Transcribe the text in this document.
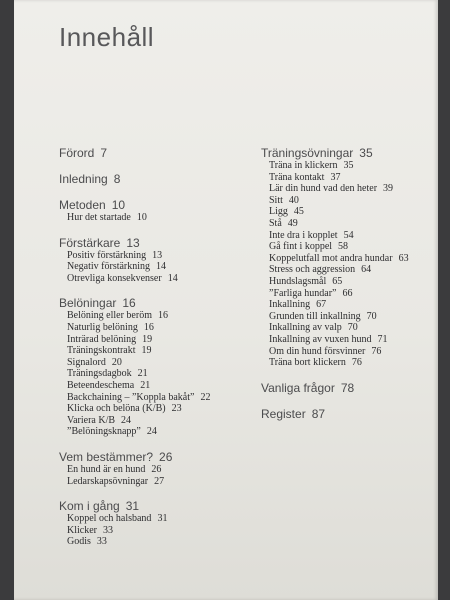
Innehåll
Förord 7
Inledning 8
Metoden 10
Hur det startade 10
Förstärkare 13
Positiv förstärkning 13
Negativ förstärkning 14
Otrevliga konsekvenser 14
Belöningar 16
Belöning eller beröm 16
Naturlig belöning 16
Inträrad belöning 19
Träningskontrakt 19
Signalord 20
Träningsdagbok 21
Beteendeschema 21
Backchaining – ”Koppla bakåt” 22
Klicka och belöna (K/B) 23
Variera K/B 24
”Belöningsknapp” 24
Vem bestämmer? 26
En hund är en hund 26
Ledarskapsövningar 27
Kom i gång 31
Koppel och halsband 31
Klicker 33
Godis 33
Träningsövningar 35
Träna in klickern 35
Träna kontakt 37
Lär din hund vad den heter 39
Sitt 40
Ligg 45
Stå 49
Inte dra i kopplet 54
Gå fint i koppel 58
Koppelutfall mot andra hundar 63
Stress och aggression 64
Hundslagsmål 65
”Farliga hundar” 66
Inkallning 67
Grunden till inkallning 70
Inkallning av valp 70
Inkallning av vuxen hund 71
Om din hund försvinner 76
Träna bort klickern 76
Vanliga frågor 78
Register 87
